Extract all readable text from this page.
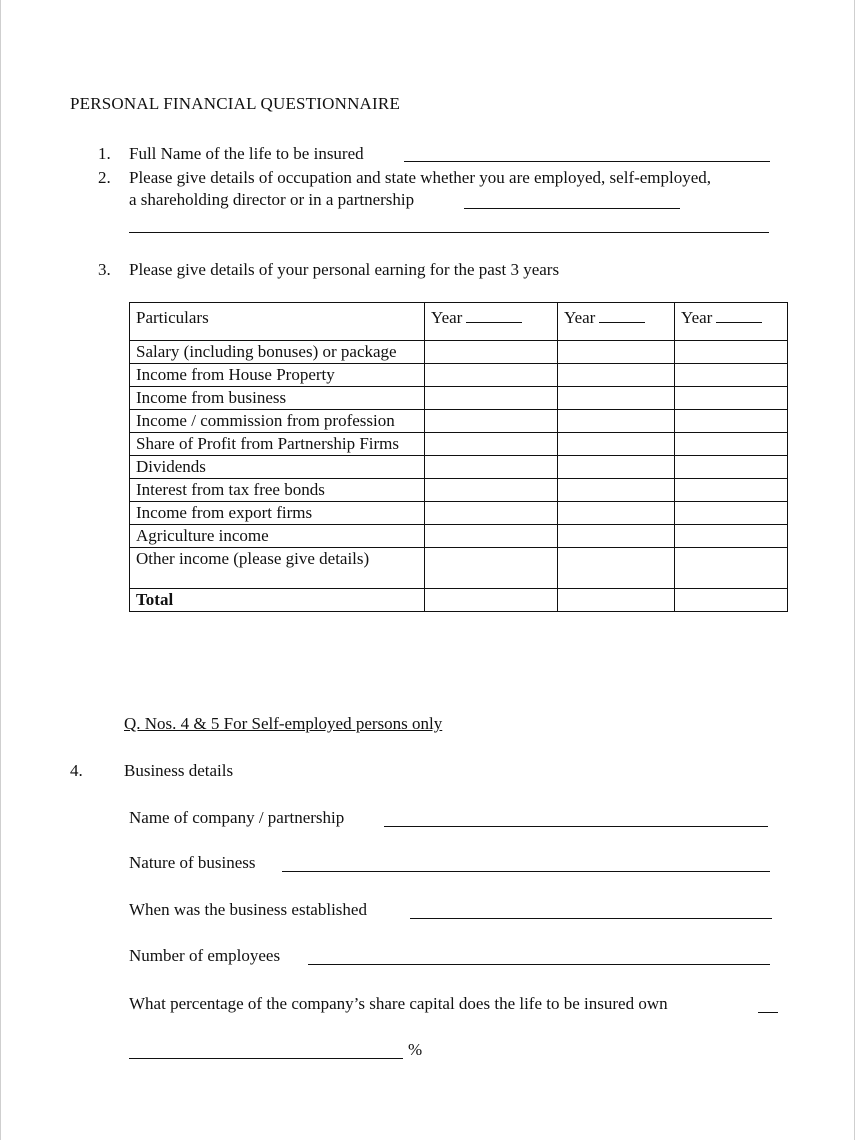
PERSONAL FINANCIAL QUESTIONNAIRE
1. Full Name of the life to be insured
2. Please give details of occupation and state whether you are employed, self-employed,
a shareholding director or in a partnership
3. Please give details of your personal earning for the past 3 years
Particulars	Year	Year	Year
Salary (including bonuses) or package			
Income from House Property			
Income from business			
Income / commission from profession			
Share of Profit from Partnership Firms			
Dividends			
Interest from tax free bonds			
Income from export firms			
Agriculture income			
Other income (please give details)			
Total			
Q. Nos. 4 & 5 For Self-employed persons only
4. Business details
Name of company / partnership
Nature of business
When was the business established
Number of employees
What percentage of the company’s share capital does the life to be insured own
%
